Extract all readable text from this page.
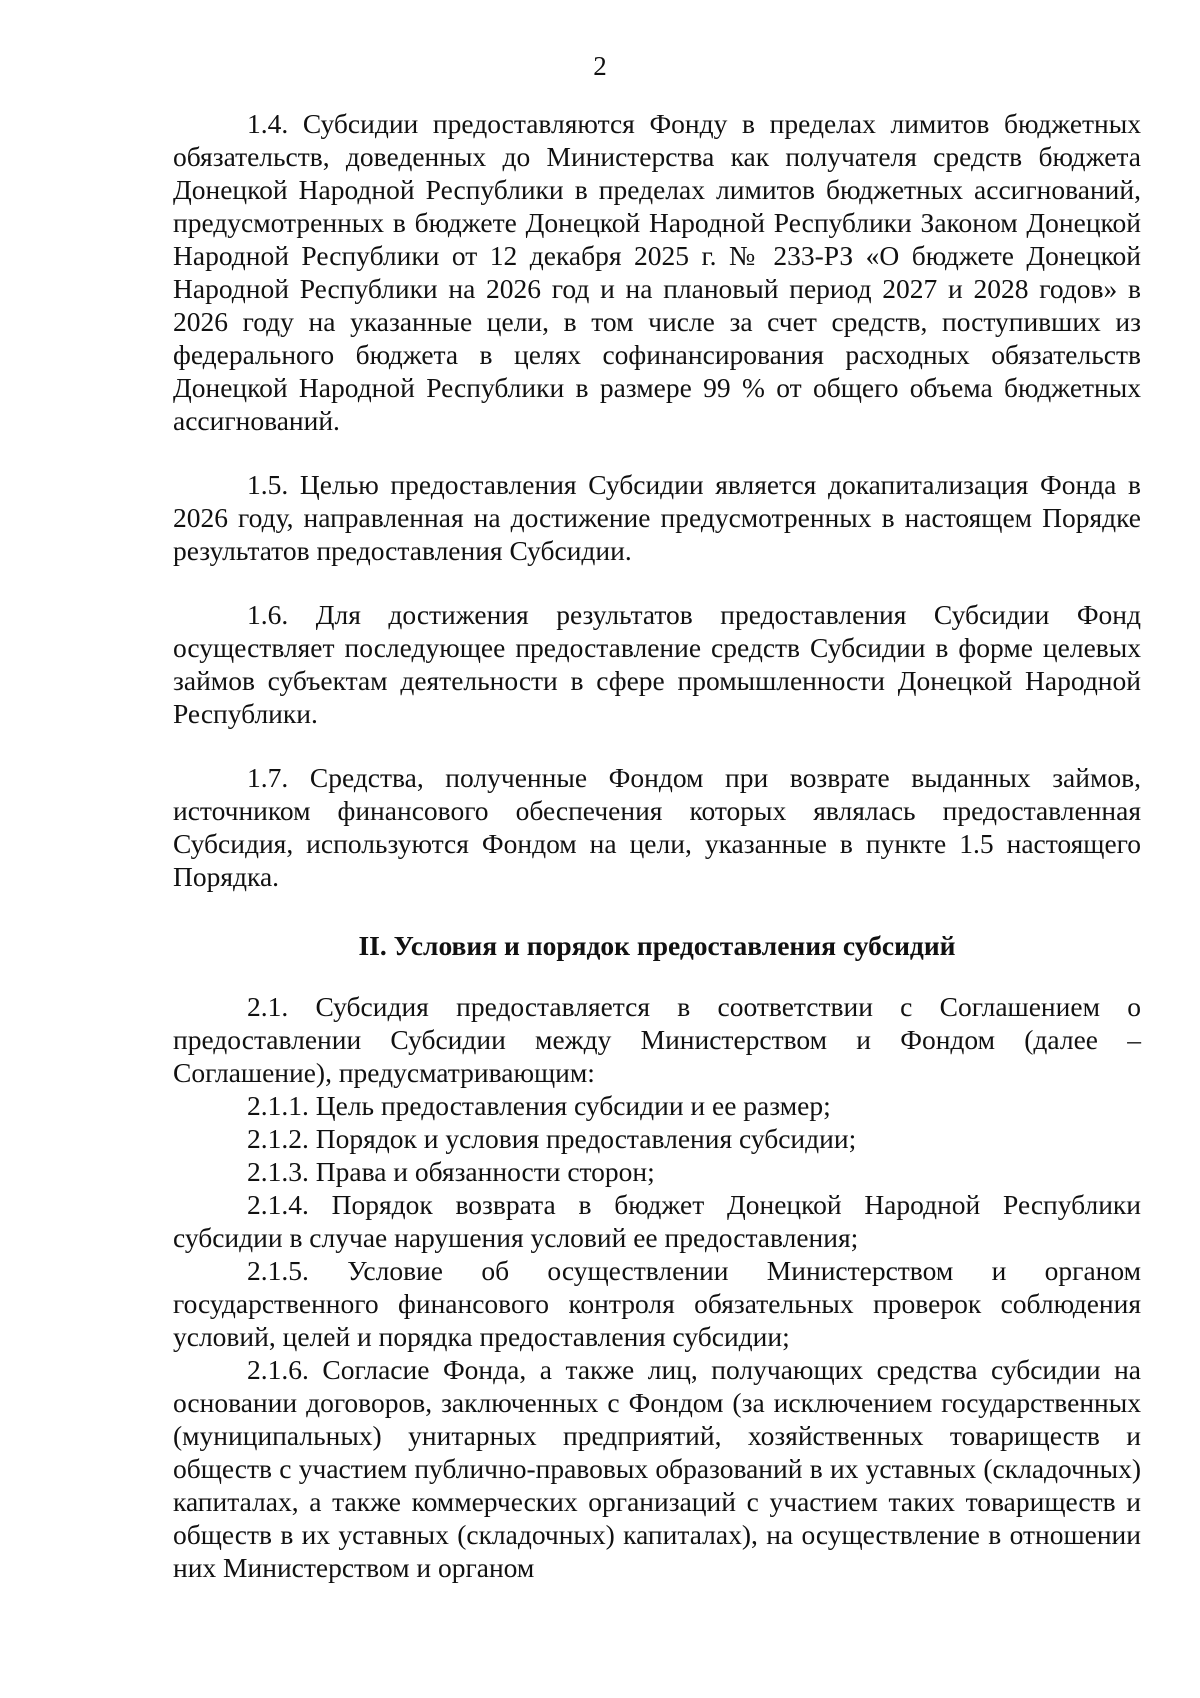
2

1.4. Субсидии предоставляются Фонду в пределах лимитов бюджетных обязательств, доведенных до Министерства как получателя средств бюджета Донецкой Народной Республики в пределах лимитов бюджетных ассигнований, предусмотренных в бюджете Донецкой Народной Республики Законом Донецкой Народной Республики от 12 декабря 2025 г. № 233-РЗ «О бюджете Донецкой Народной Республики на 2026 год и на плановый период 2027 и 2028 годов» в 2026 году на указанные цели, в том числе за счет средств, поступивших из федерального бюджета в целях софинансирования расходных обязательств Донецкой Народной Республики в размере 99 % от общего объема бюджетных ассигнований.

1.5. Целью предоставления Субсидии является докапитализация Фонда в 2026 году, направленная на достижение предусмотренных в настоящем Порядке результатов предоставления Субсидии.

1.6. Для достижения результатов предоставления Субсидии Фонд осуществляет последующее предоставление средств Субсидии в форме целевых займов субъектам деятельности в сфере промышленности Донецкой Народной Республики.

1.7. Средства, полученные Фондом при возврате выданных займов, источником финансового обеспечения которых являлась предоставленная Субсидия, используются Фондом на цели, указанные в пункте 1.5 настоящего Порядка.

II. Условия и порядок предоставления субсидий

2.1. Субсидия предоставляется в соответствии с Соглашением о предоставлении Субсидии между Министерством и Фондом (далее – Соглашение), предусматривающим:

2.1.1. Цель предоставления субсидии и ее размер;

2.1.2. Порядок и условия предоставления субсидии;

2.1.3. Права и обязанности сторон;

2.1.4. Порядок возврата в бюджет Донецкой Народной Республики субсидии в случае нарушения условий ее предоставления;

2.1.5. Условие об осуществлении Министерством и органом государственного финансового контроля обязательных проверок соблюдения условий, целей и порядка предоставления субсидии;

2.1.6. Согласие Фонда, а также лиц, получающих средства субсидии на основании договоров, заключенных с Фондом (за исключением государственных (муниципальных) унитарных предприятий, хозяйственных товариществ и обществ с участием публично-правовых образований в их уставных (складочных) капиталах, а также коммерческих организаций с участием таких товариществ и обществ в их уставных (складочных) капиталах), на осуществление в отношении них Министерством и органом
